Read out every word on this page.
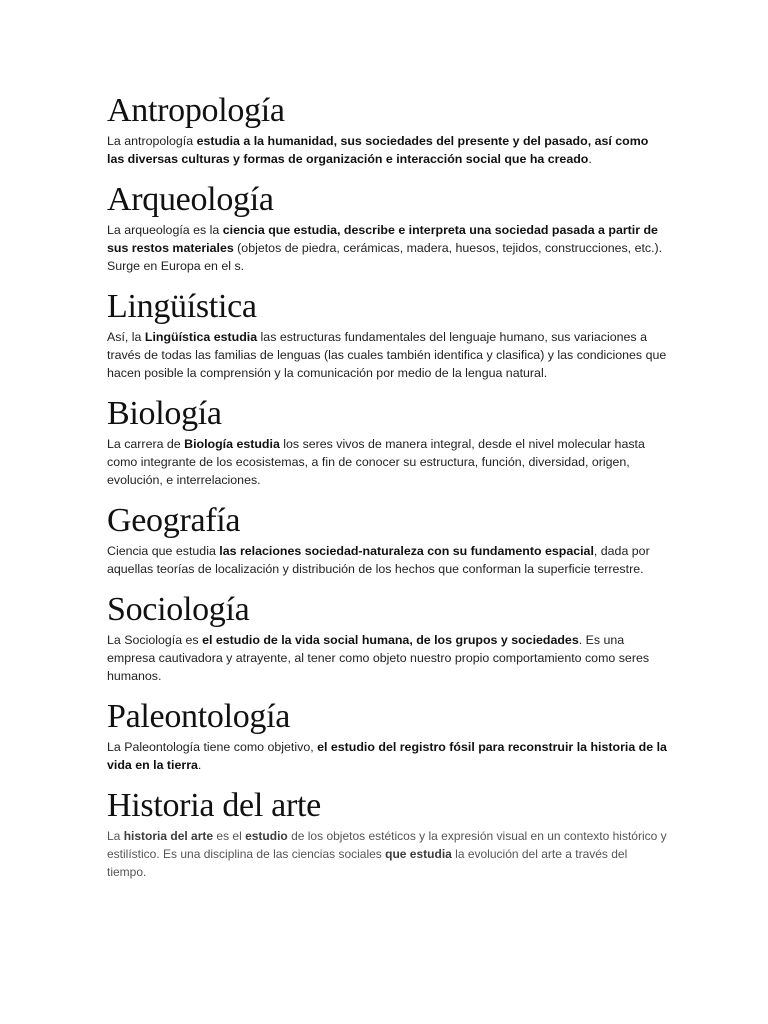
Antropología

La antropología estudia a la humanidad, sus sociedades del presente y del pasado, así como las diversas culturas y formas de organización e interacción social que ha creado.

Arqueología

La arqueología es la ciencia que estudia, describe e interpreta una sociedad pasada a partir de sus restos materiales (objetos de piedra, cerámicas, madera, huesos, tejidos, construcciones, etc.). Surge en Europa en el s.

Lingüística

Así, la Lingüística estudia las estructuras fundamentales del lenguaje humano, sus variaciones a través de todas las familias de lenguas (las cuales también identifica y clasifica) y las condiciones que hacen posible la comprensión y la comunicación por medio de la lengua natural.

Biología

La carrera de Biología estudia los seres vivos de manera integral, desde el nivel molecular hasta como integrante de los ecosistemas, a fin de conocer su estructura, función, diversidad, origen, evolución, e interrelaciones.

Geografía

Ciencia que estudia las relaciones sociedad-naturaleza con su fundamento espacial, dada por aquellas teorías de localización y distribución de los hechos que conforman la superficie terrestre.

Sociología

La Sociología es el estudio de la vida social humana, de los grupos y sociedades. Es una empresa cautivadora y atrayente, al tener como objeto nuestro propio comportamiento como seres humanos.

Paleontología

La Paleontología tiene como objetivo, el estudio del registro fósil para reconstruir la historia de la vida en la tierra.

Historia del arte

La historia del arte es el estudio de los objetos estéticos y la expresión visual en un contexto histórico y estilístico. Es una disciplina de las ciencias sociales que estudia la evolución del arte a través del tiempo.
